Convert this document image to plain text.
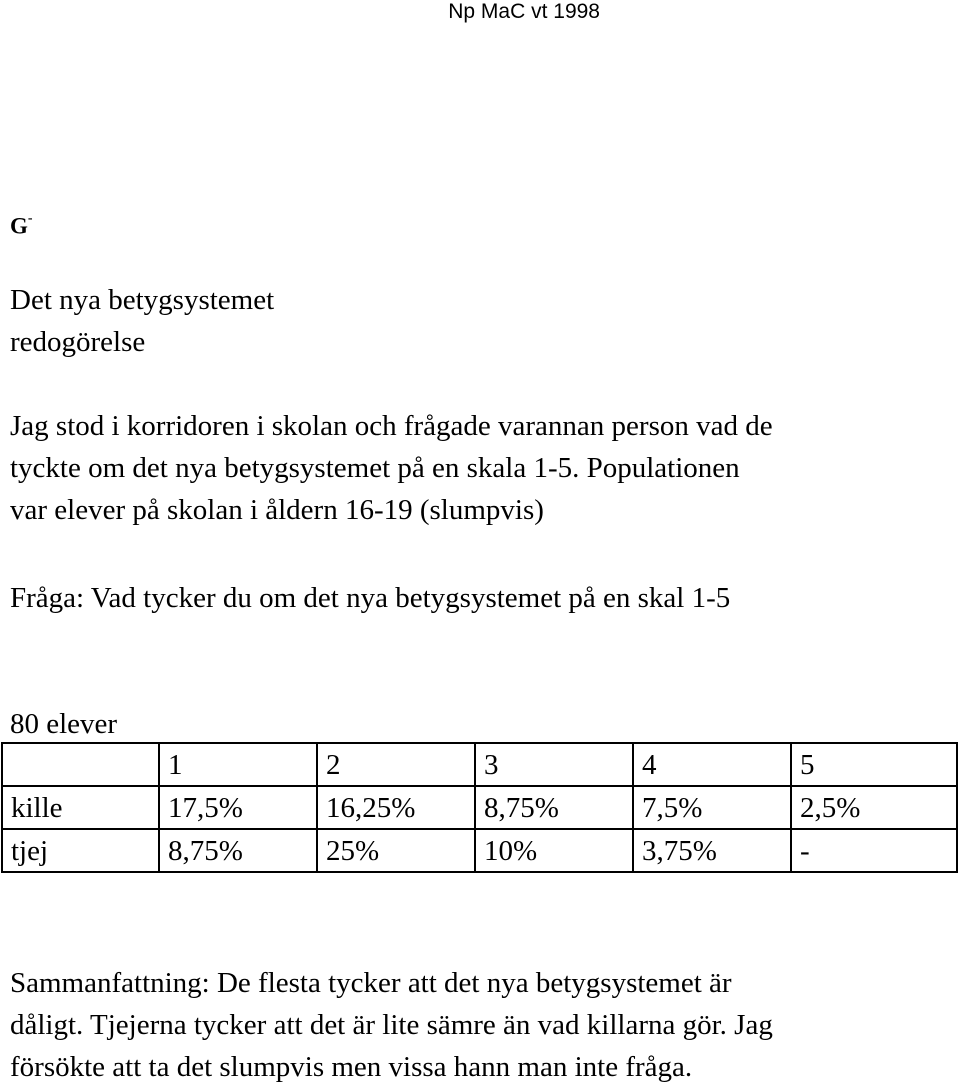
Np MaC vt 1998
G-
Det nya betygsystemet
redogörelse
Jag stod i korridoren i skolan och frågade varannan person vad de
tyckte om det nya betygsystemet på en skala 1-5. Populationen
var elever på skolan i åldern 16-19 (slumpvis)
Fråga: Vad tycker du om det nya betygsystemet på en skal 1-5
80 elever
	1	2	3	4	5
kille	17,5%	16,25%	8,75%	7,5%	2,5%
tjej	8,75%	25%	10%	3,75%	-
Sammanfattning: De flesta tycker att det nya betygsystemet är
dåligt. Tjejerna tycker att det är lite sämre än vad killarna gör. Jag
försökte att ta det slumpvis men vissa hann man inte fråga.
